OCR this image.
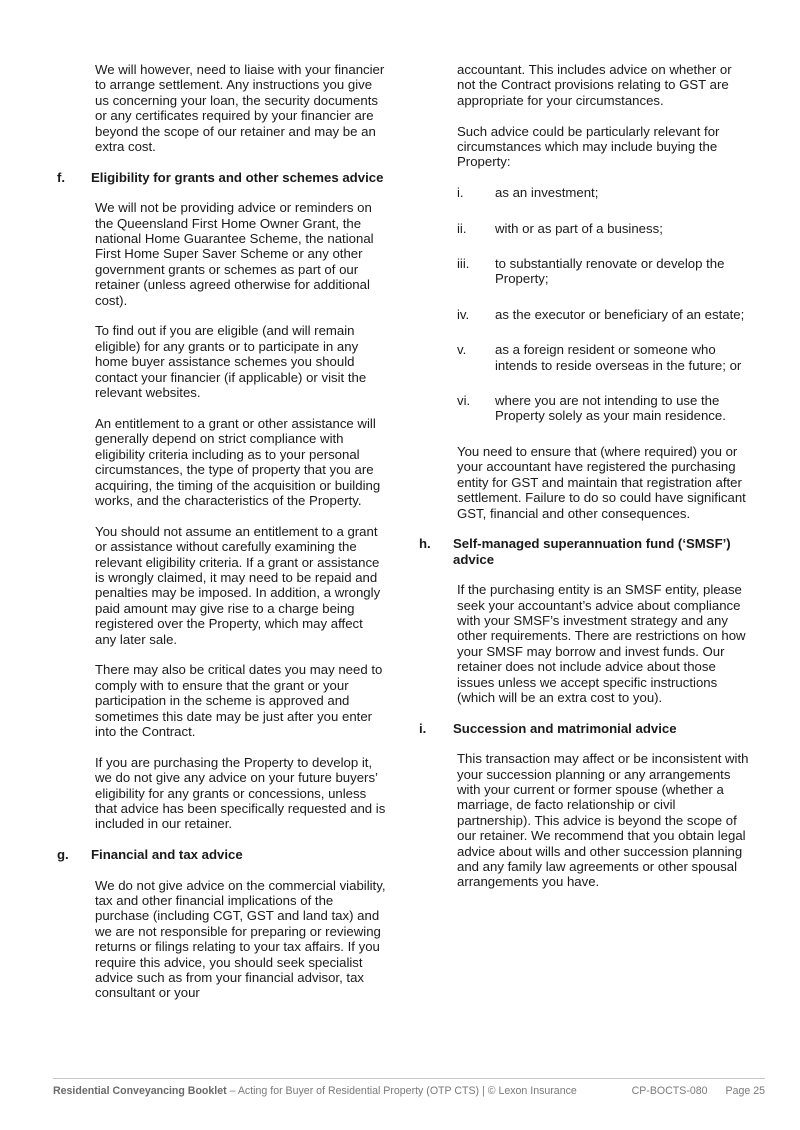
We will however, need to liaise with your financier to arrange settlement. Any instructions you give us concerning your loan, the security documents or any certificates required by your financier are beyond the scope of our retainer and may be an extra cost.

f.	Eligibility for grants and other schemes advice

We will not be providing advice or reminders on the Queensland First Home Owner Grant, the national Home Guarantee Scheme, the national First Home Super Saver Scheme or any other government grants or schemes as part of our retainer (unless agreed otherwise for additional cost).

To find out if you are eligible (and will remain eligible) for any grants or to participate in any home buyer assistance schemes you should contact your financier (if applicable) or visit the relevant websites.

An entitlement to a grant or other assistance will generally depend on strict compliance with eligibility criteria including as to your personal circumstances, the type of property that you are acquiring, the timing of the acquisition or building works, and the characteristics of the Property.

You should not assume an entitlement to a grant or assistance without carefully examining the relevant eligibility criteria. If a grant or assistance is wrongly claimed, it may need to be repaid and penalties may be imposed. In addition, a wrongly paid amount may give rise to a charge being registered over the Property, which may affect any later sale.

There may also be critical dates you may need to comply with to ensure that the grant or your participation in the scheme is approved and sometimes this date may be just after you enter into the Contract.

If you are purchasing the Property to develop it, we do not give any advice on your future buyers’ eligibility for any grants or concessions, unless that advice has been specifically requested and is included in our retainer.

g.	Financial and tax advice

We do not give advice on the commercial viability, tax and other financial implications of the purchase (including CGT, GST and land tax) and we are not responsible for preparing or reviewing returns or filings relating to your tax affairs. If you require this advice, you should seek specialist advice such as from your financial advisor, tax consultant or your

accountant. This includes advice on whether or not the Contract provisions relating to GST are appropriate for your circumstances.

Such advice could be particularly relevant for circumstances which may include buying the Property:

i.	as an investment;
ii.	with or as part of a business;
iii.	to substantially renovate or develop the Property;
iv.	as the executor or beneficiary of an estate;
v.	as a foreign resident or someone who intends to reside overseas in the future; or
vi.	where you are not intending to use the Property solely as your main residence.

You need to ensure that (where required) you or your accountant have registered the purchasing entity for GST and maintain that registration after settlement. Failure to do so could have significant GST, financial and other consequences.

h.	Self-managed superannuation fund (‘SMSF’) advice

If the purchasing entity is an SMSF entity, please seek your accountant’s advice about compliance with your SMSF’s investment strategy and any other requirements. There are restrictions on how your SMSF may borrow and invest funds. Our retainer does not include advice about those issues unless we accept specific instructions (which will be an extra cost to you).

i.	Succession and matrimonial advice

This transaction may affect or be inconsistent with your succession planning or any arrangements with your current or former spouse (whether a marriage, de facto relationship or civil partnership). This advice is beyond the scope of our retainer. We recommend that you obtain legal advice about wills and other succession planning and any family law agreements or other spousal arrangements you have.

Residential Conveyancing Booklet – Acting for Buyer of Residential Property (OTP CTS) | © Lexon Insurance	CP-BOCTS-080 Page 25
